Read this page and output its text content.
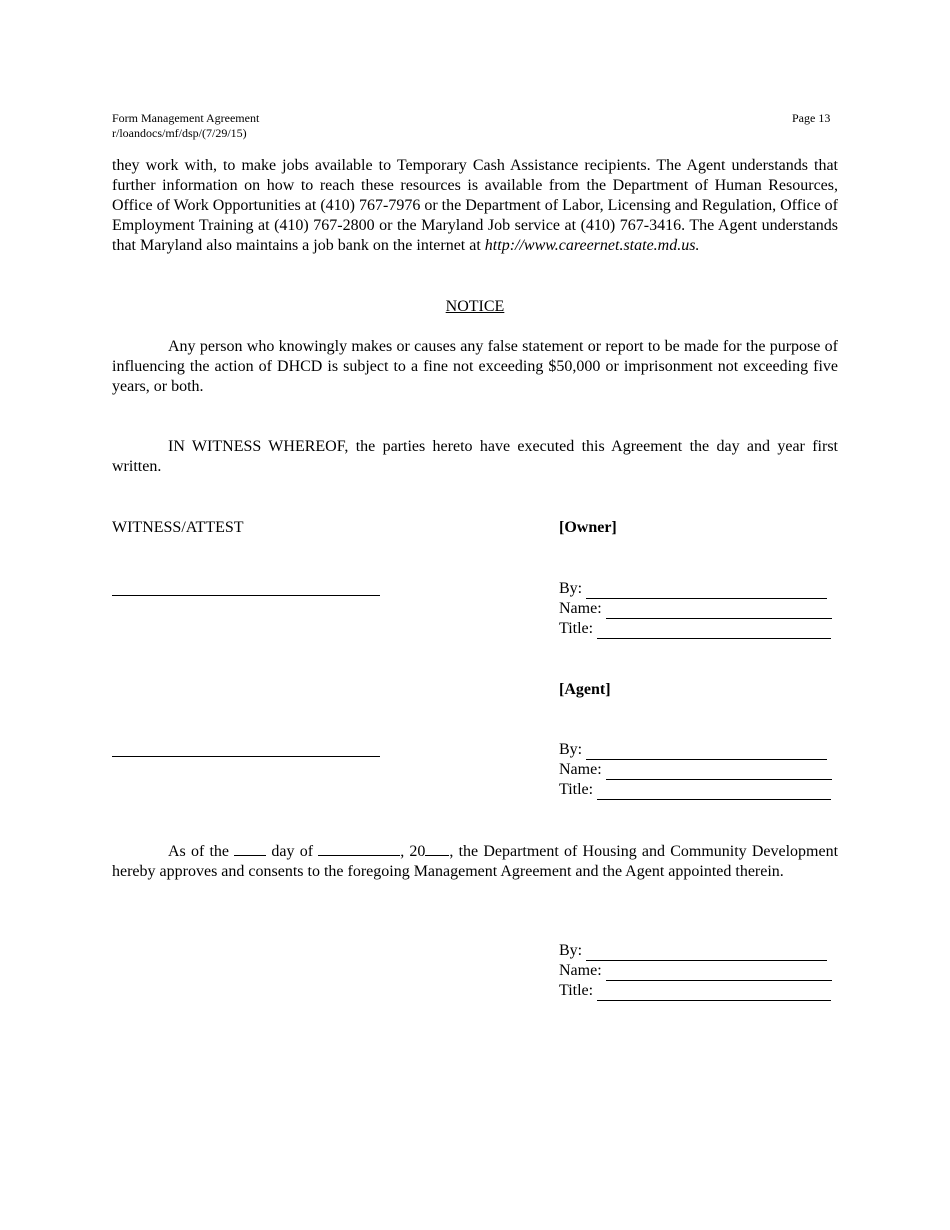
Form Management Agreement
r/loandocs/mf/dsp/(7/29/15)
Page 13
they work with, to make jobs available to Temporary Cash Assistance recipients. The Agent understands that further information on how to reach these resources is available from the Department of Human Resources, Office of Work Opportunities at (410) 767-7976 or the Department of Labor, Licensing and Regulation, Office of Employment Training at (410) 767-2800 or the Maryland Job service at (410) 767-3416. The Agent understands that Maryland also maintains a job bank on the internet at http://www.careernet.state.md.us.
NOTICE
Any person who knowingly makes or causes any false statement or report to be made for the purpose of influencing the action of DHCD is subject to a fine not exceeding $50,000 or imprisonment not exceeding five years, or both.
IN WITNESS WHEREOF, the parties hereto have executed this Agreement the day and year first written.
WITNESS/ATTEST	[Owner]
By:
Name:
Title:
[Agent]
By:
Name:
Title:
As of the	day of	, 20 , the Department of Housing and Community Development hereby approves and consents to the foregoing Management Agreement and the Agent appointed therein.
By:
Name:
Title:
